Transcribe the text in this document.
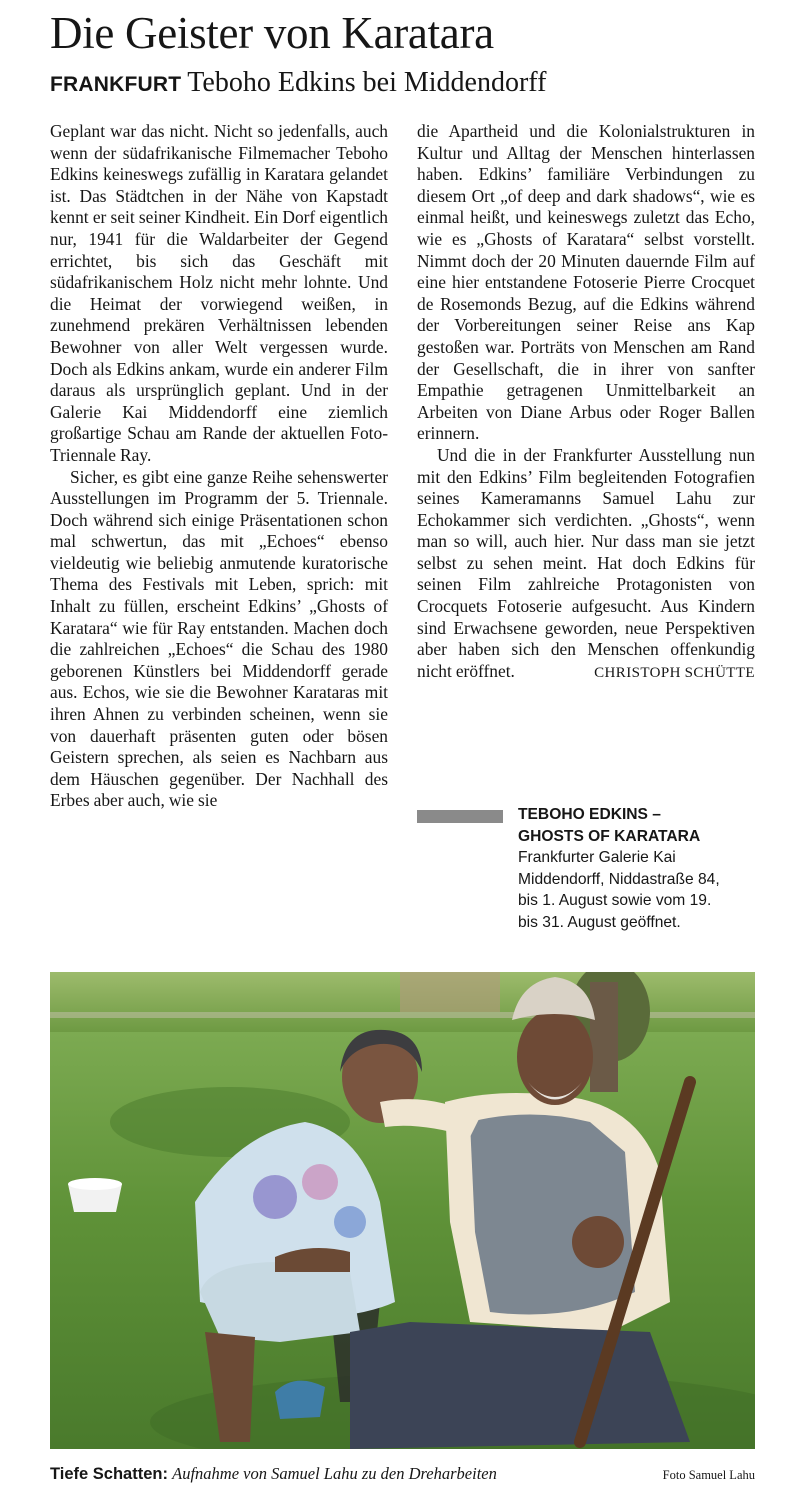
Die Geister von Karatara
FRANKFURT Teboho Edkins bei Middendorff

Geplant war das nicht. Nicht so jedenfalls, auch wenn der südafrikanische Filmemacher Teboho Edkins keineswegs zufällig in Karatara gelandet ist. Das Städtchen in der Nähe von Kapstadt kennt er seit seiner Kindheit. Ein Dorf eigentlich nur, 1941 für die Waldarbeiter der Gegend errichtet, bis sich das Geschäft mit südafrikanischem Holz nicht mehr lohnte. Und die Heimat der vorwiegend weißen, in zunehmend prekären Verhältnissen lebenden Bewohner von aller Welt vergessen wurde. Doch als Edkins ankam, wurde ein anderer Film daraus als ursprünglich geplant. Und in der Galerie Kai Middendorff eine ziemlich großartige Schau am Rande der aktuellen Foto-Triennale Ray.

Sicher, es gibt eine ganze Reihe sehenswerter Ausstellungen im Programm der 5. Triennale. Doch während sich einige Präsentationen schon mal schwertun, das mit „Echoes“ ebenso vieldeutig wie beliebig anmutende kuratorische Thema des Festivals mit Leben, sprich: mit Inhalt zu füllen, erscheint Edkins’ „Ghosts of Karatara“ wie für Ray entstanden. Machen doch die zahlreichen „Echoes“ die Schau des 1980 geborenen Künstlers bei Middendorff gerade aus. Echos, wie sie die Bewohner Karataras mit ihren Ahnen zu verbinden scheinen, wenn sie von dauerhaft präsenten guten oder bösen Geistern sprechen, als seien es Nachbarn aus dem Häuschen gegenüber. Der Nachhall des Erbes aber auch, wie sie

die Apartheid und die Kolonialstrukturen in Kultur und Alltag der Menschen hinterlassen haben. Edkins’ familiäre Verbindungen zu diesem Ort „of deep and dark shadows“, wie es einmal heißt, und keineswegs zuletzt das Echo, wie es „Ghosts of Karatara“ selbst vorstellt. Nimmt doch der 20 Minuten dauernde Film auf eine hier entstandene Fotoserie Pierre Crocquet de Rosemonds Bezug, auf die Edkins während der Vorbereitungen seiner Reise ans Kap gestoßen war. Porträts von Menschen am Rand der Gesellschaft, die in ihrer von sanfter Empathie getragenen Unmittelbarkeit an Arbeiten von Diane Arbus oder Roger Ballen erinnern.

Und die in der Frankfurter Ausstellung nun mit den Edkins’ Film begleitenden Fotografien seines Kameramanns Samuel Lahu zur Echokammer sich verdichten. „Ghosts“, wenn man so will, auch hier. Nur dass man sie jetzt selbst zu sehen meint. Hat doch Edkins für seinen Film zahlreiche Protagonisten von Crocquets Fotoserie aufgesucht. Aus Kindern sind Erwachsene geworden, neue Perspektiven aber haben sich den Menschen offenkundig nicht eröffnet.	CHRISTOPH SCHÜTTE

TEBOHO EDKINS –

GHOSTS OF KARATARA

Frankfurter Galerie Kai

Middendorff, Niddastraße 84,

bis 1. August sowie vom 19.

bis 31. August geöffnet.

Tiefe Schatten: Aufnahme von Samuel Lahu zu den Dreharbeiten	Foto Samuel Lahu
